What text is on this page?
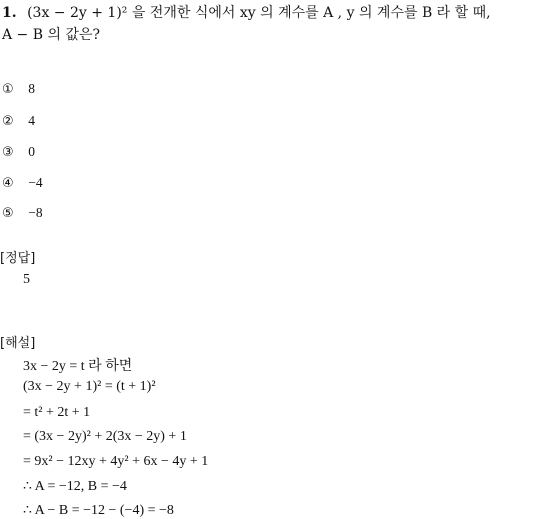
1. (3x − 2y + 1)² 을 전개한 식에서 xy 의 계수를 A , y 의 계수를 B 라 할 때,
A − B 의 값은?
① 8
② 4
③ 0
④ −4
⑤ −8
[정답]
5
[해설]
3x − 2y = t 라 하면
(3x − 2y + 1)² = (t + 1)²
= t² + 2t + 1
= (3x − 2y)² + 2(3x − 2y) + 1
= 9x² − 12xy + 4y² + 6x − 4y + 1
∴ A = −12, B = −4
∴ A − B = −12 − (−4) = −8
